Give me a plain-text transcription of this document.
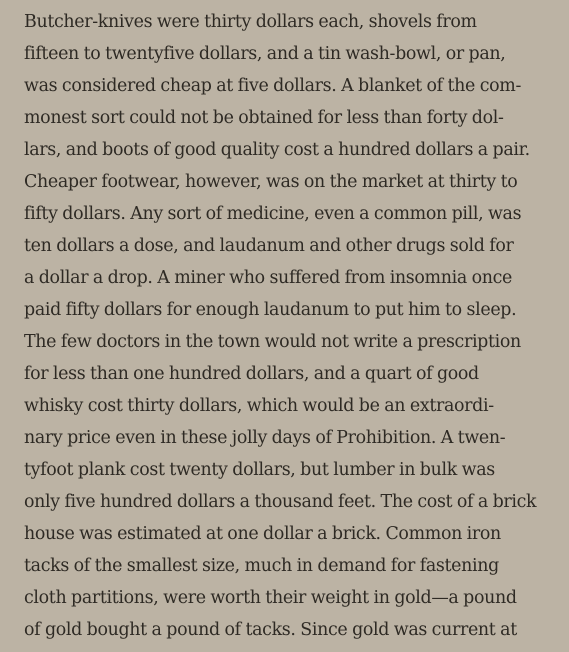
Butcher-knives were thirty dollars each, shovels from
fifteen to twentyfive dollars, and a tin wash-bowl, or pan,
was considered cheap at five dollars. A blanket of the com-
monest sort could not be obtained for less than forty dol-
lars, and boots of good quality cost a hundred dollars a pair.
Cheaper footwear, however, was on the market at thirty to
fifty dollars. Any sort of medicine, even a common pill, was
ten dollars a dose, and laudanum and other drugs sold for
a dollar a drop. A miner who suffered from insomnia once
paid fifty dollars for enough laudanum to put him to sleep.
The few doctors in the town would not write a prescription
for less than one hundred dollars, and a quart of good
whisky cost thirty dollars, which would be an extraordi-
nary price even in these jolly days of Prohibition. A twen-
tyfoot plank cost twenty dollars, but lumber in bulk was
only five hundred dollars a thousand feet. The cost of a brick
house was estimated at one dollar a brick. Common iron
tacks of the smallest size, much in demand for fastening
cloth partitions, were worth their weight in gold—a pound
of gold bought a pound of tacks. Since gold was current at
